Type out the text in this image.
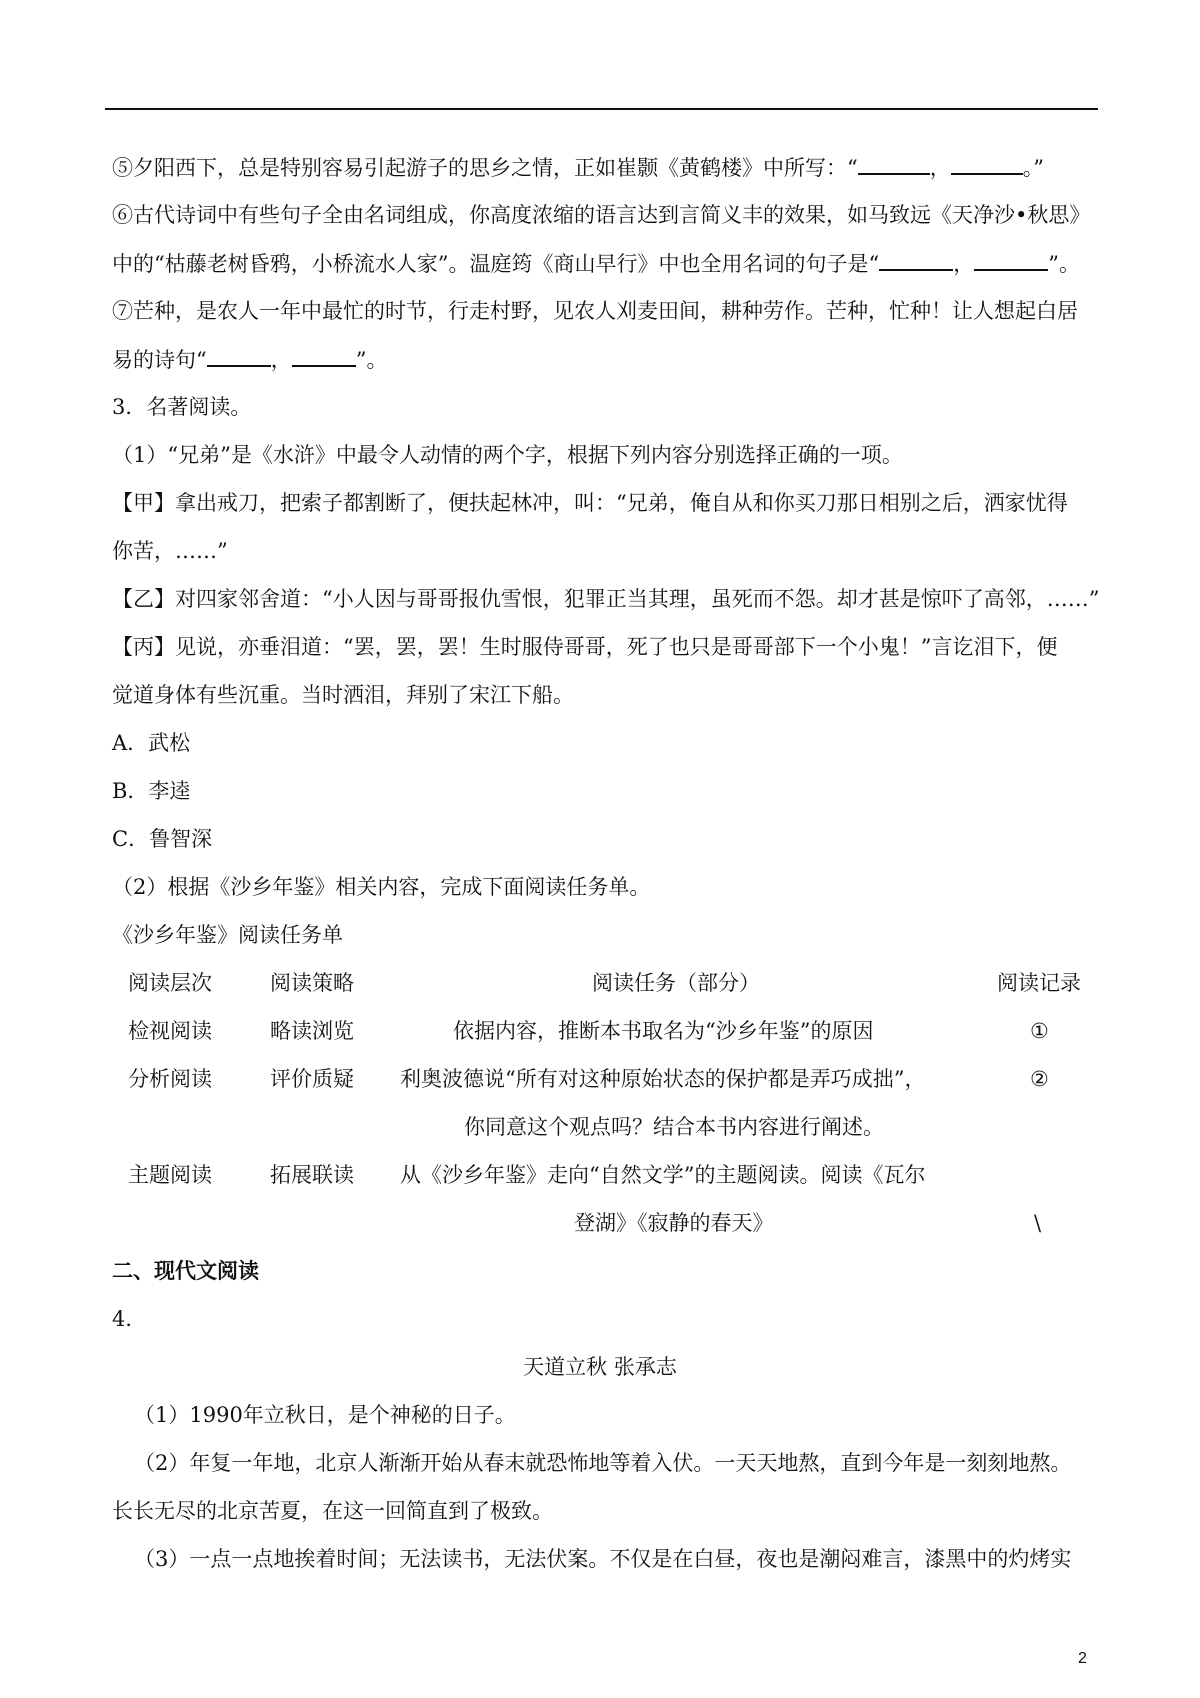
⑤夕阳西下，总是特别容易引起游子的思乡之情，正如崔颢《黄鹤楼》中所写：“	，	。”
⑥古代诗词中有些句子全由名词组成，你高度浓缩的语言达到言简义丰的效果，如马致远《天净沙•秋思》
中的“枯藤老树昏鸦，小桥流水人家”。温庭筠《商山早行》中也全用名词的句子是“	，	”。
⑦芒种，是农人一年中最忙的时节，行走村野，见农人刈麦田间，耕种劳作。芒种，忙种！让人想起白居
易的诗句“	，	”。
3．名著阅读。
（1）“兄弟”是《水浒》中最令人动情的两个字，根据下列内容分别选择正确的一项。
【甲】拿出戒刀，把索子都割断了，便扶起林冲，叫：“兄弟，俺自从和你买刀那日相别之后，洒家忧得
你苦，……”
【乙】对四家邻舍道：“小人因与哥哥报仇雪恨，犯罪正当其理，虽死而不怨。却才甚是惊吓了高邻，……”
【丙】见说，亦垂泪道：“罢，罢，罢！生时服侍哥哥，死了也只是哥哥部下一个小鬼！”言讫泪下，便
觉道身体有些沉重。当时洒泪，拜别了宋江下船。
A．武松
B．李逵
C．鲁智深
（2）根据《沙乡年鉴》相关内容，完成下面阅读任务单。
《沙乡年鉴》阅读任务单
阅读层次	阅读策略	阅读任务（部分）	阅读记录
检视阅读	略读浏览	依据内容，推断本书取名为“沙乡年鉴”的原因	①
分析阅读	评价质疑 利奥波德说“所有对这种原始状态的保护都是弄巧成拙”，	②
你同意这个观点吗？结合本书内容进行阐述。
主题阅读	拓展联读 从《沙乡年鉴》走向“自然文学”的主题阅读。阅读《瓦尔
登湖》《寂静的春天》	\
二、现代文阅读
4．
天道立秋 张承志
（1）1990年立秋日，是个神秘的日子。
（2）年复一年地，北京人渐渐开始从春末就恐怖地等着入伏。一天天地熬，直到今年是一刻刻地熬。
长长无尽的北京苦夏，在这一回简直到了极致。
（3）一点一点地挨着时间；无法读书，无法伏案。不仅是在白昼，夜也是潮闷难言，漆黑中的灼烤实
2
